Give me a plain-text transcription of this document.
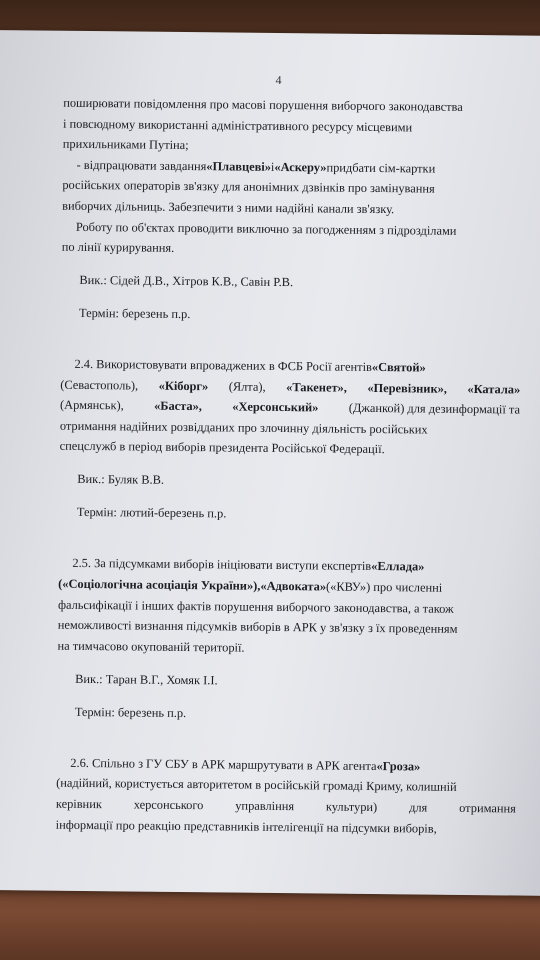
4

поширювати повідомлення про масові порушення виборчого законодавства

і повсюдному використанні адміністративного ресурсу місцевими

прихильниками Путіна;

- відпрацювати завдання «Плавцеві» і «Аскеру» придбати сім-картки

російських операторів зв'язку для анонімних дзвінків про замінування

виборчих дільниць. Забезпечити з ними надійні канали зв'язку.

Роботу по об'єктах проводити виключно за погодженням з підрозділами

по лінії курирування.

Вик.: Сідей Д.В., Хітров К.В., Савін Р.В.

Термін: березень п.р.

2.4. Використовувати впроваджених в ФСБ Росії агентів «Святой»

(Севастополь), «Кіборг» (Ялта), «Такенет», «Перевізник», «Катала»

(Армянськ), «Баста», «Херсонський» (Джанкой) для дезинформації та

отримання надійних розвідданих про злочинну діяльність російських

спецслужб в період виборів президента Російської Федерації.

Вик.: Буляк В.В.

Термін: лютий-березень п.р.

2.5. За підсумками виборів ініціювати виступи експертів «Еллада»

(«Соціологічна асоціація України»), «Адвоката» («КВУ») про численні

фальсифікації і інших фактів порушення виборчого законодавства, а також

неможливості визнання підсумків виборів в АРК у зв'язку з їх проведенням

на тимчасово окупованій території.

Вик.: Таран В.Г., Хомяк І.І.

Термін: березень п.р.

2.6. Спільно з ГУ СБУ в АРК маршрутувати в АРК агента «Гроза»

(надійний, користується авторитетом в російській громаді Криму, колишній

керівник	херсонського	управління	культури)	для	отримання

інформації про реакцію представників інтелігенції на підсумки виборів,
